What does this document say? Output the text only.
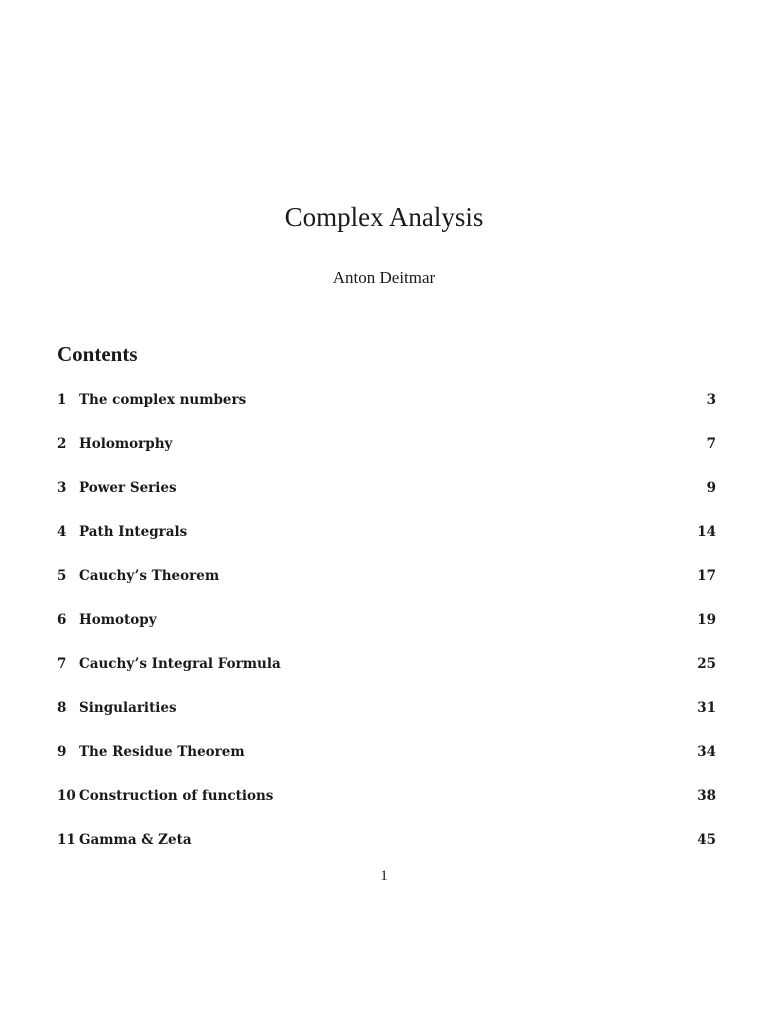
Complex Analysis
Anton Deitmar
Contents
1 The complex numbers	3
2 Holomorphy	7
3 Power Series	9
4 Path Integrals	14
5 Cauchy’s Theorem	17
6 Homotopy	19
7 Cauchy’s Integral Formula	25
8 Singularities	31
9 The Residue Theorem	34
10 Construction of functions	38
11 Gamma & Zeta	45
1
